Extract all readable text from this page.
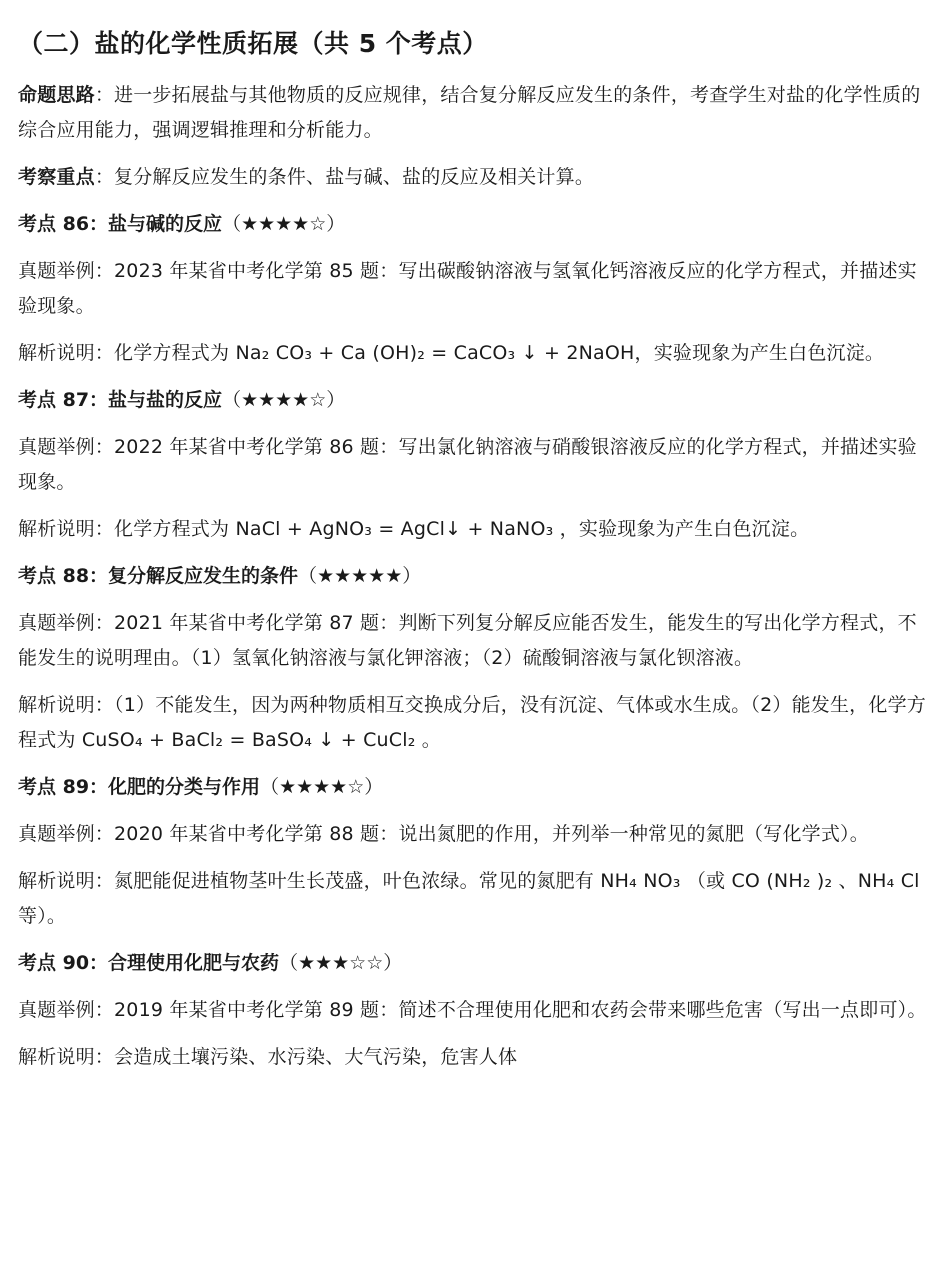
（二）盐的化学性质拓展（共 5 个考点）
命题思路：进一步拓展盐与其他物质的反应规律，结合复分解反应发生的条件，考查学生对盐的化学性质的综合应用能力，强调逻辑推理和分析能力。
考察重点：复分解反应发生的条件、盐与碱、盐的反应及相关计算。
考点 86：盐与碱的反应（★★★★☆）
真题举例：2023 年某省中考化学第 85 题：写出碳酸钠溶液与氢氧化钙溶液反应的化学方程式，并描述实验现象。
解析说明：化学方程式为 Na₂ CO₃ + Ca (OH)₂ = CaCO₃ ↓ + 2NaOH，实验现象为产生白色沉淀。
考点 87：盐与盐的反应（★★★★☆）
真题举例：2022 年某省中考化学第 86 题：写出氯化钠溶液与硝酸银溶液反应的化学方程式，并描述实验现象。
解析说明：化学方程式为 NaCl + AgNO₃ = AgCl↓ + NaNO₃ ，实验现象为产生白色沉淀。
考点 88：复分解反应发生的条件（★★★★★）
真题举例：2021 年某省中考化学第 87 题：判断下列复分解反应能否发生，能发生的写出化学方程式，不能发生的说明理由。（1）氢氧化钠溶液与氯化钾溶液；（2）硫酸铜溶液与氯化钡溶液。
解析说明：（1）不能发生，因为两种物质相互交换成分后，没有沉淀、气体或水生成。（2）能发生，化学方程式为 CuSO₄ + BaCl₂ = BaSO₄ ↓ + CuCl₂ 。
考点 89：化肥的分类与作用（★★★★☆）
真题举例：2020 年某省中考化学第 88 题：说出氮肥的作用，并列举一种常见的氮肥（写化学式）。
解析说明：氮肥能促进植物茎叶生长茂盛，叶色浓绿。常见的氮肥有 NH₄ NO₃ （或 CO (NH₂ )₂ 、NH₄ Cl 等）。
考点 90：合理使用化肥与农药（★★★☆☆）
真题举例：2019 年某省中考化学第 89 题：简述不合理使用化肥和农药会带来哪些危害（写出一点即可）。
解析说明：会造成土壤污染、水污染、大气污染，危害人体
